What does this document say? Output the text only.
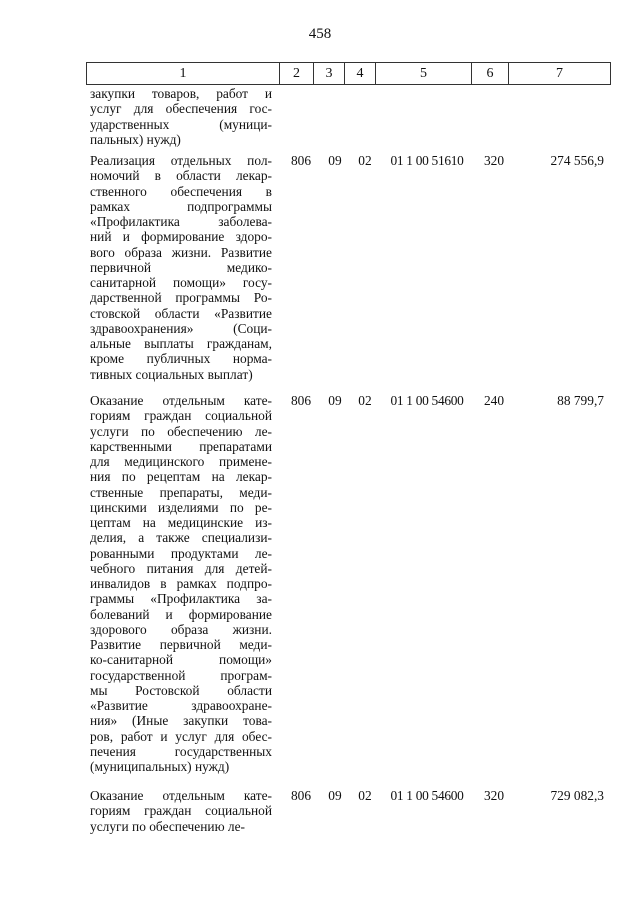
458
1	2	3	4	5	6	7
закупки товаров, работ и
услуг для обеспечения гос-
ударственных (муници-
пальных) нужд)
Реализация отдельных пол-
номочий в области лекар-
ственного обеспечения в
рамках подпрограммы
«Профилактика заболева-
ний и формирование здоро-
вого образа жизни. Развитие
первичной медико-
санитарной помощи» госу-
дарственной программы Ро-
стовской области «Развитие
здравоохранения» (Соци-
альные выплаты гражданам,
кроме публичных норма-
тивных социальных выплат)
806	09	02	01 1 00 51610	320	274 556,9
Оказание отдельным кате-
гориям граждан социальной
услуги по обеспечению ле-
карственными препаратами
для медицинского примене-
ния по рецептам на лекар-
ственные препараты, меди-
цинскими изделиями по ре-
цептам на медицинские из-
делия, а также специализи-
рованными продуктами ле-
чебного питания для детей-
инвалидов в рамках подпро-
граммы «Профилактика за-
болеваний и формирование
здорового образа жизни.
Развитие первичной меди-
ко-санитарной помощи»
государственной програм-
мы Ростовской области
«Развитие здравоохране-
ния» (Иные закупки това-
ров, работ и услуг для обес-
печения государственных
(муниципальных) нужд)
806	09	02	01 1 00 54600	240	88 799,7
Оказание отдельным кате-
гориям граждан социальной
услуги по обеспечению ле-
806	09	02	01 1 00 54600	320	729 082,3
